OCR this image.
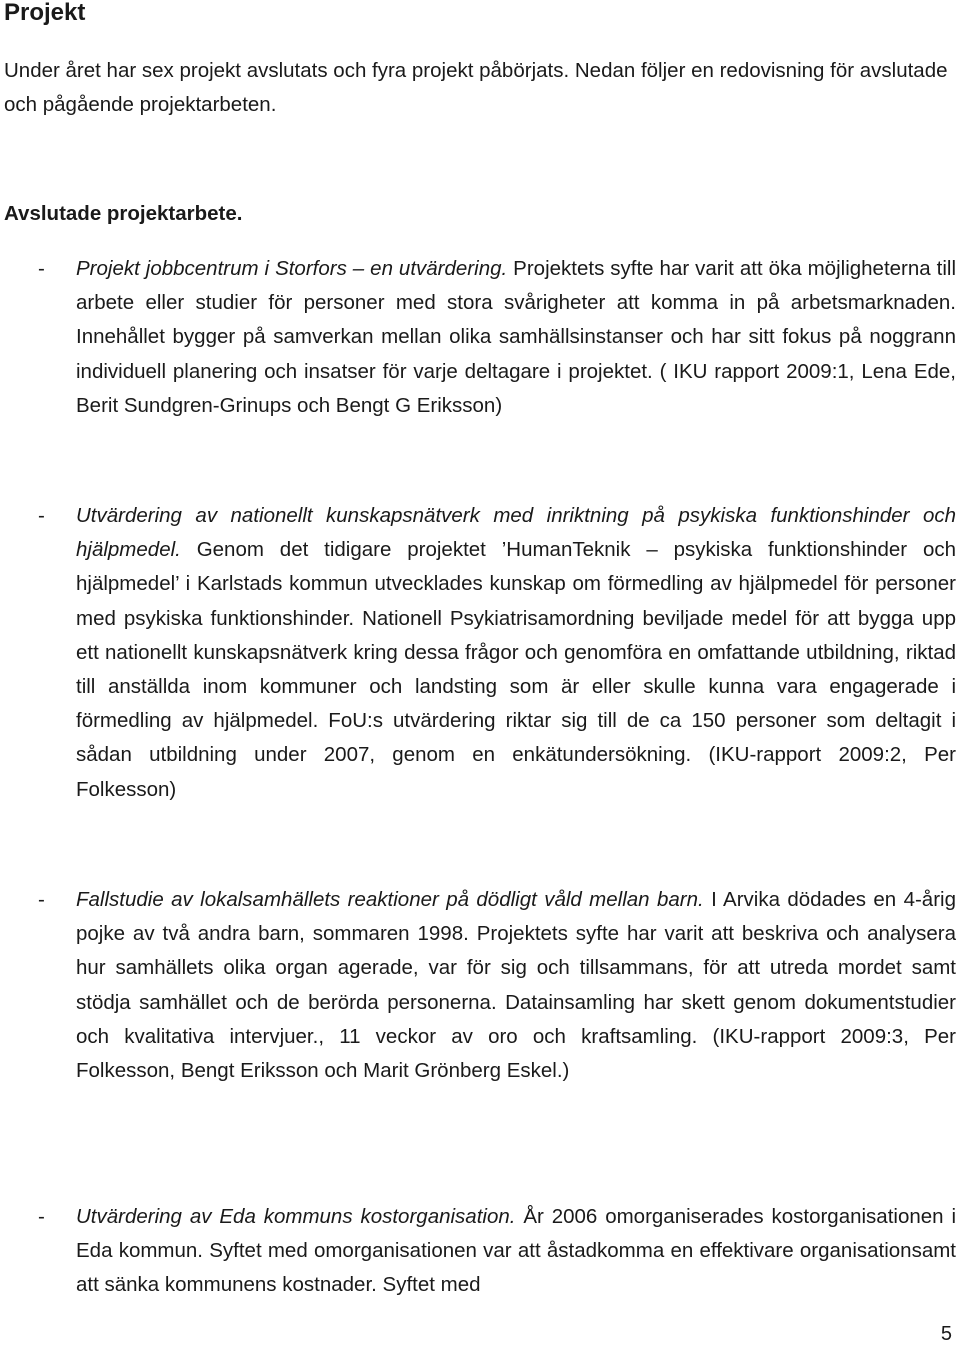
Projekt

Under året har sex projekt avslutats och fyra projekt påbörjats. Nedan följer en redovisning för avslutade och pågående projektarbeten.

Avslutade projektarbete.
- Projekt jobbcentrum i Storfors – en utvärdering. Projektets syfte har varit att öka möjligheterna till arbete eller studier för personer med stora svårigheter att komma in på arbetsmarknaden. Innehållet bygger på samverkan mellan olika samhällsinstanser och har sitt fokus på noggrann individuell planering och insatser för varje deltagare i projektet. ( IKU rapport 2009:1, Lena Ede, Berit Sundgren-Grinups och Bengt G Eriksson)

- Utvärdering av nationellt kunskapsnätverk med inriktning på psykiska funktionshinder och hjälpmedel. Genom det tidigare projektet ’HumanTeknik – psykiska funktionshinder och hjälpmedel’ i Karlstads kommun utvecklades kunskap om förmedling av hjälpmedel för personer med psykiska funktionshinder. Nationell Psykiatrisamordning beviljade medel för att bygga upp ett nationellt kunskapsnätverk kring dessa frågor och genomföra en omfattande utbildning, riktad till anställda inom kommuner och landsting som är eller skulle kunna vara engagerade i förmedling av hjälpmedel. FoU:s utvärdering riktar sig till de ca 150 personer som deltagit i sådan utbildning under 2007, genom en enkätundersökning. (IKU-rapport 2009:2, Per Folkesson)

- Fallstudie av lokalsamhällets reaktioner på dödligt våld mellan barn. I Arvika dödades en 4-årig pojke av två andra barn, sommaren 1998. Projektets syfte har varit att beskriva och analysera hur samhällets olika organ agerade, var för sig och tillsammans, för att utreda mordet samt stödja samhället och de berörda personerna. Datainsamling har skett genom dokumentstudier och kvalitativa intervjuer., 11 veckor av oro och kraftsamling. (IKU-rapport 2009:3, Per Folkesson, Bengt Eriksson och Marit Grönberg Eskel.)

- Utvärdering av Eda kommuns kostorganisation. År 2006 omorganiserades kostorganisationen i Eda kommun. Syftet med omorganisationen var att åstadkomma en effektivare organisationsamt att sänka kommunens kostnader. Syftet med

5
